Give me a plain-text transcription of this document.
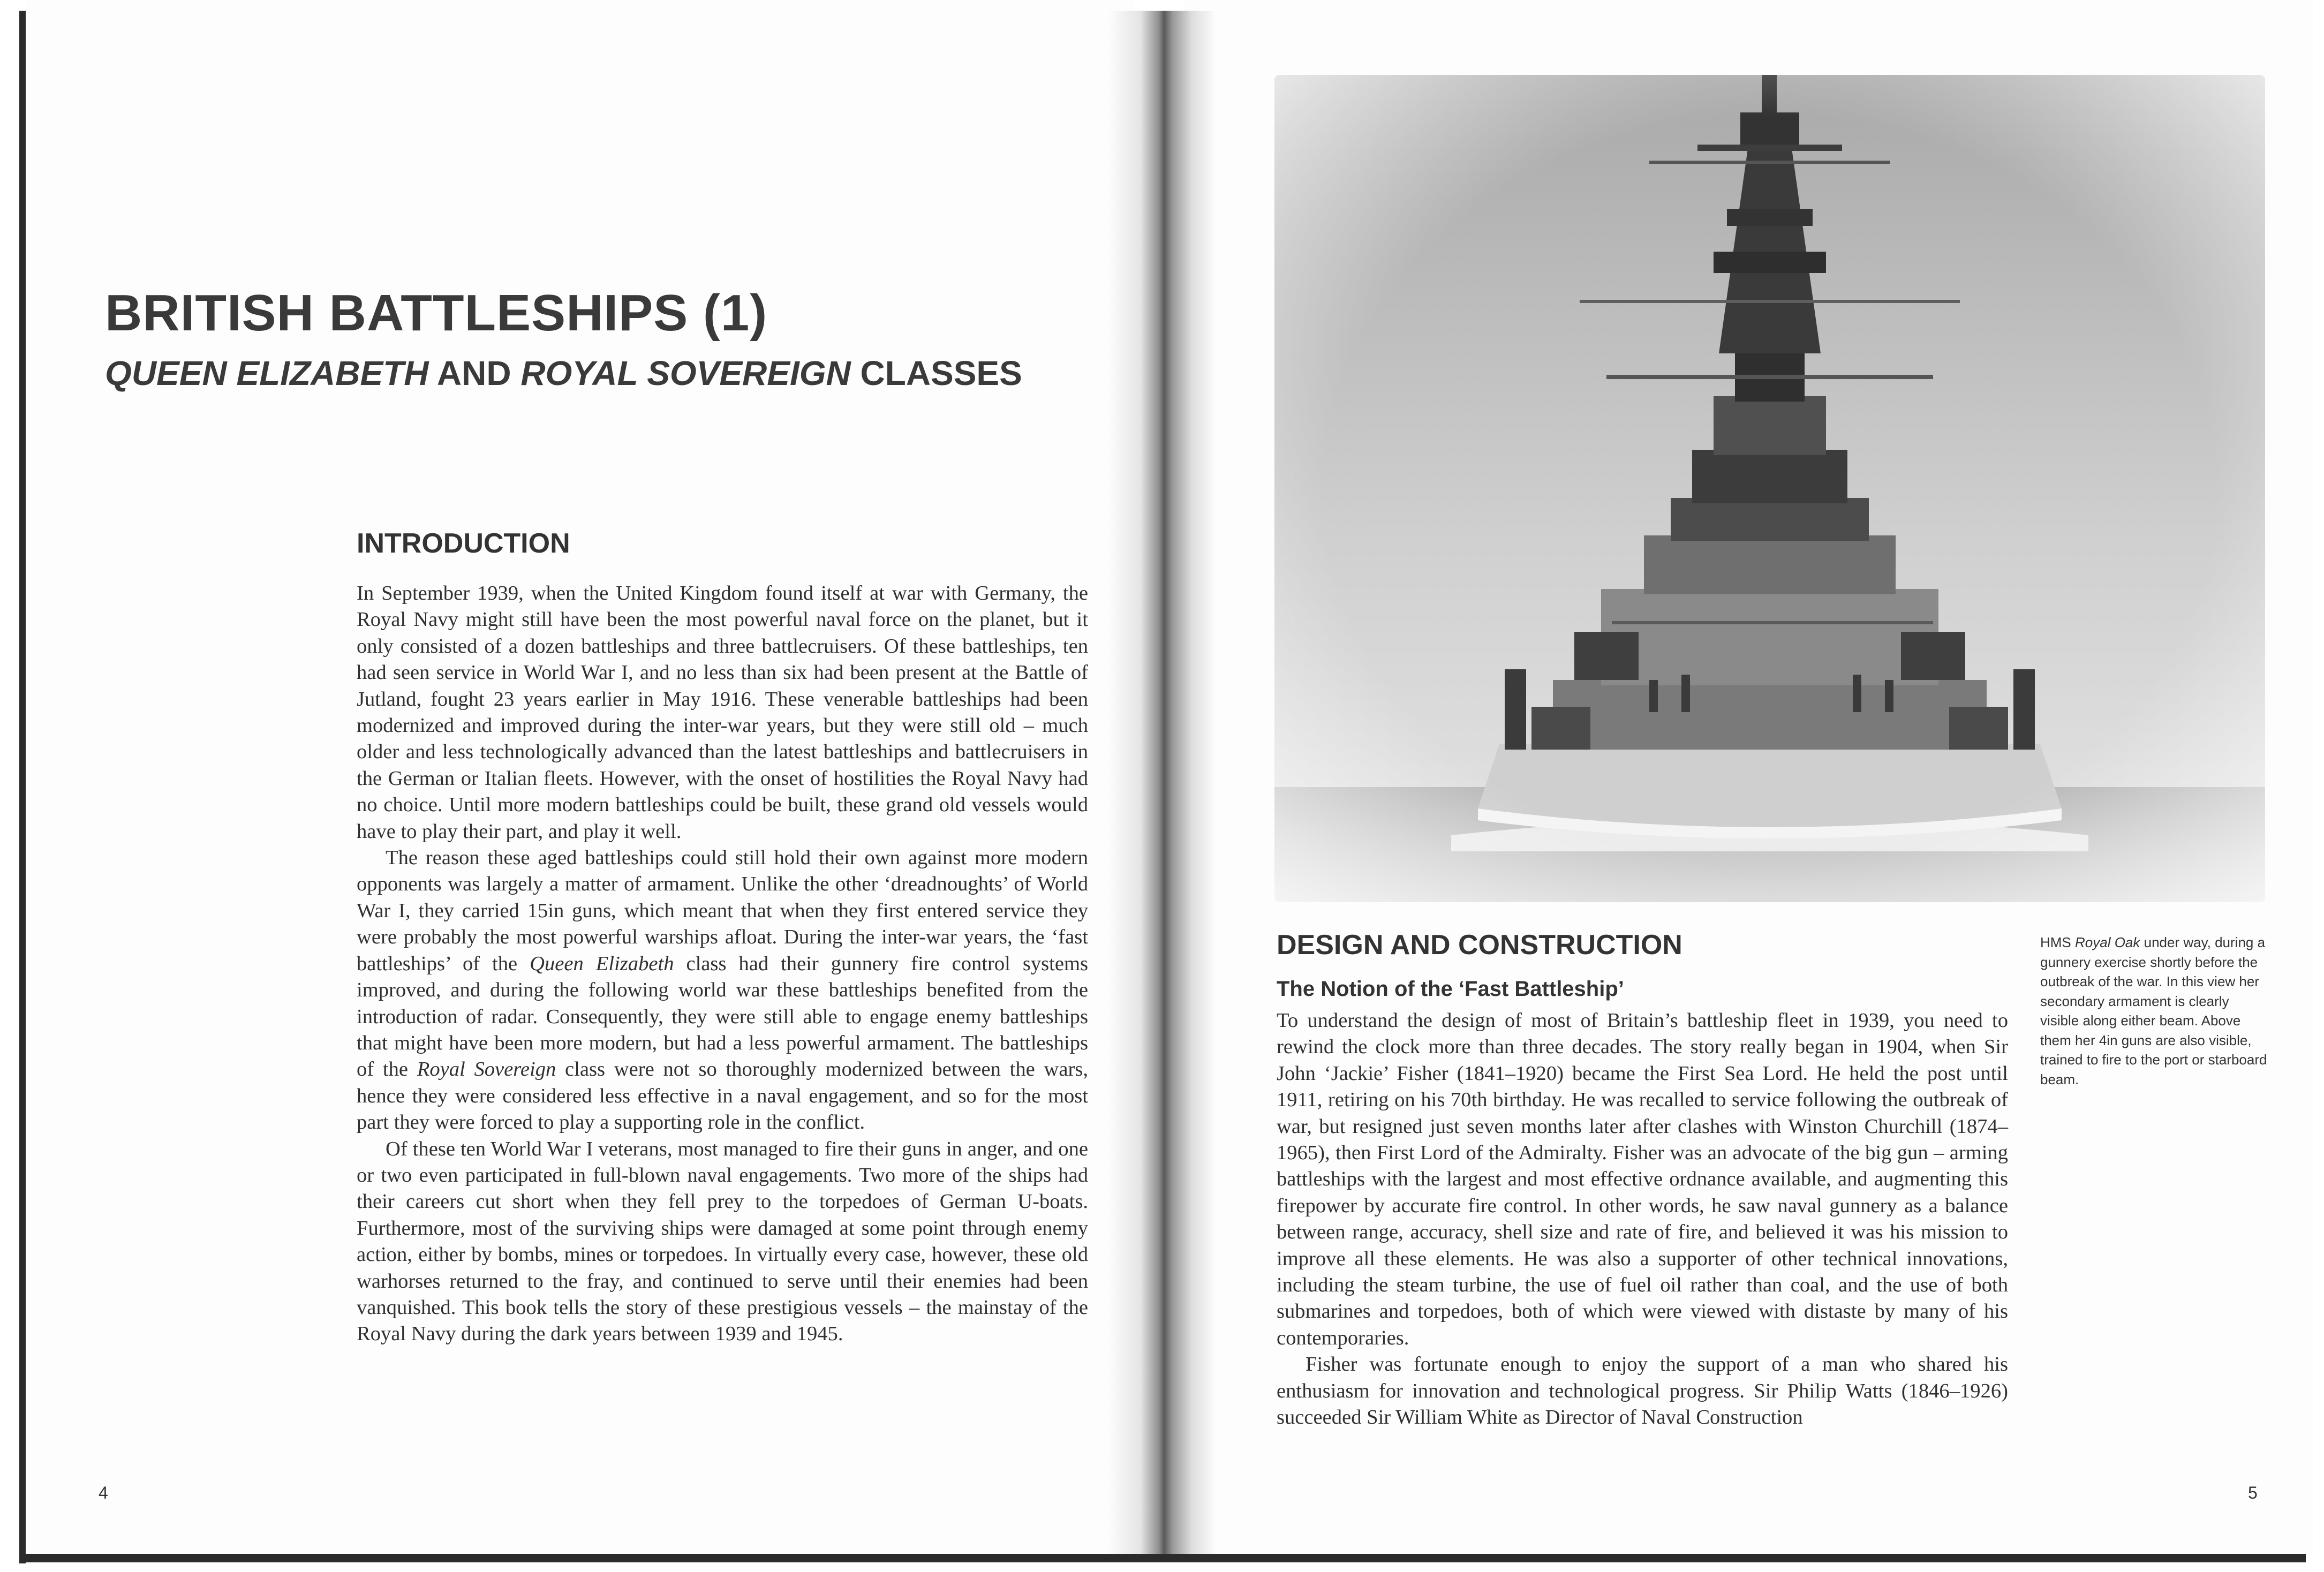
BRITISH BATTLESHIPS (1)
QUEEN ELIZABETH AND ROYAL SOVEREIGN CLASSES
INTRODUCTION

In September 1939, when the United Kingdom found itself at war with Germany, the Royal Navy might still have been the most powerful naval force on the planet, but it only consisted of a dozen battleships and three battlecruisers. Of these battleships, ten had seen service in World War I, and no less than six had been present at the Battle of Jutland, fought 23 years earlier in May 1916. These venerable battleships had been modernized and improved during the inter-war years, but they were still old – much older and less technologically advanced than the latest battleships and battlecruisers in the German or Italian fleets. However, with the onset of hostilities the Royal Navy had no choice. Until more modern battleships could be built, these grand old vessels would have to play their part, and play it well.

The reason these aged battleships could still hold their own against more modern opponents was largely a matter of armament. Unlike the other ‘dreadnoughts’ of World War I, they carried 15in guns, which meant that when they first entered service they were probably the most powerful warships afloat. During the inter-war years, the ‘fast battleships’ of the Queen Elizabeth class had their gunnery fire control systems improved, and during the following world war these battleships benefited from the introduction of radar. Consequently, they were still able to engage enemy battleships that might have been more modern, but had a less powerful armament. The battleships of the Royal Sovereign class were not so thoroughly modernized between the wars, hence they were considered less effective in a naval engagement, and so for the most part they were forced to play a supporting role in the conflict.

Of these ten World War I veterans, most managed to fire their guns in anger, and one or two even participated in full-blown naval engagements. Two more of the ships had their careers cut short when they fell prey to the torpedoes of German U-boats. Furthermore, most of the surviving ships were damaged at some point through enemy action, either by bombs, mines or torpedoes. In virtually every case, however, these old warhorses returned to the fray, and continued to serve until their enemies had been vanquished. This book tells the story of these prestigious vessels – the mainstay of the Royal Navy during the dark years between 1939 and 1945.

4
DESIGN AND CONSTRUCTION
The Notion of the ‘Fast Battleship’

To understand the design of most of Britain’s battleship fleet in 1939, you need to rewind the clock more than three decades. The story really began in 1904, when Sir John ‘Jackie’ Fisher (1841–1920) became the First Sea Lord. He held the post until 1911, retiring on his 70th birthday. He was recalled to service following the outbreak of war, but resigned just seven months later after clashes with Winston Churchill (1874–1965), then First Lord of the Admiralty. Fisher was an advocate of the big gun – arming battleships with the largest and most effective ordnance available, and augmenting this firepower by accurate fire control. In other words, he saw naval gunnery as a balance between range, accuracy, shell size and rate of fire, and believed it was his mission to improve all these elements. He was also a supporter of other technical innovations, including the steam turbine, the use of fuel oil rather than coal, and the use of both submarines and torpedoes, both of which were viewed with distaste by many of his contemporaries.

Fisher was fortunate enough to enjoy the support of a man who shared his enthusiasm for innovation and technological progress. Sir Philip Watts (1846–1926) succeeded Sir William White as Director of Naval Construction

HMS Royal Oak under way, during a gunnery exercise shortly before the outbreak of the war. In this view her secondary armament is clearly visible along either beam. Above them her 4in guns are also visible, trained to fire to the port or starboard beam.
5
